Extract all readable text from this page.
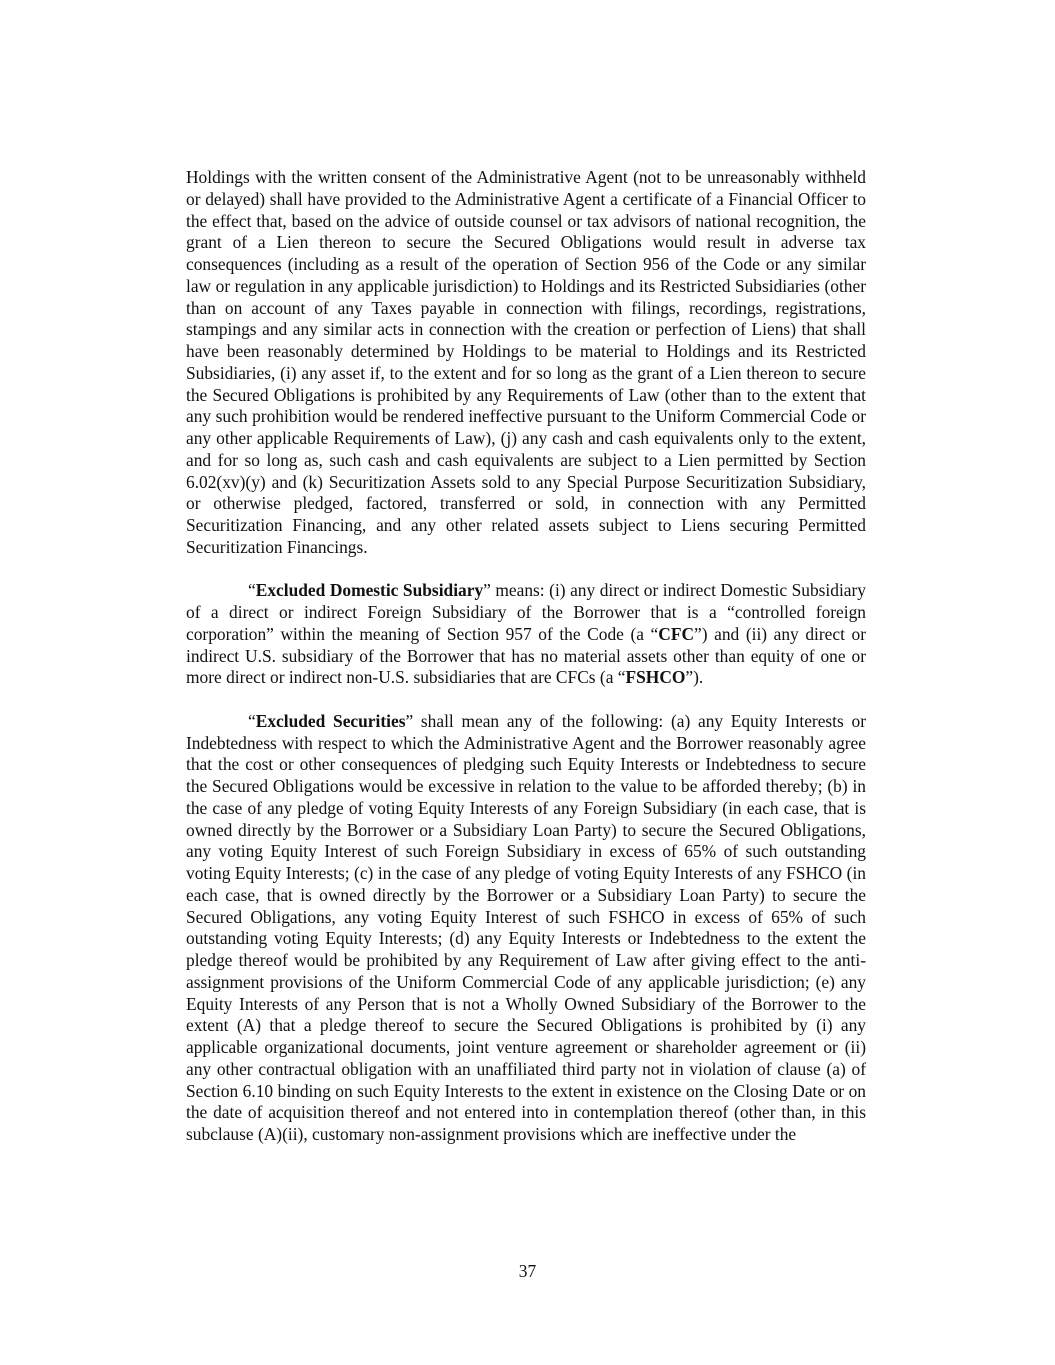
Holdings with the written consent of the Administrative Agent (not to be unreasonably withheld or delayed) shall have provided to the Administrative Agent a certificate of a Financial Officer to the effect that, based on the advice of outside counsel or tax advisors of national recognition, the grant of a Lien thereon to secure the Secured Obligations would result in adverse tax consequences (including as a result of the operation of Section 956 of the Code or any similar law or regulation in any applicable jurisdiction) to Holdings and its Restricted Subsidiaries (other than on account of any Taxes payable in connection with filings, recordings, registrations, stampings and any similar acts in connection with the creation or perfection of Liens) that shall have been reasonably determined by Holdings to be material to Holdings and its Restricted Subsidiaries, (i) any asset if, to the extent and for so long as the grant of a Lien thereon to secure the Secured Obligations is prohibited by any Requirements of Law (other than to the extent that any such prohibition would be rendered ineffective pursuant to the Uniform Commercial Code or any other applicable Requirements of Law), (j) any cash and cash equivalents only to the extent, and for so long as, such cash and cash equivalents are subject to a Lien permitted by Section 6.02(xv)(y) and (k) Securitization Assets sold to any Special Purpose Securitization Subsidiary, or otherwise pledged, factored, transferred or sold, in connection with any Permitted Securitization Financing, and any other related assets subject to Liens securing Permitted Securitization Financings.

“Excluded Domestic Subsidiary” means: (i) any direct or indirect Domestic Subsidiary of a direct or indirect Foreign Subsidiary of the Borrower that is a “controlled foreign corporation” within the meaning of Section 957 of the Code (a “CFC”) and (ii) any direct or indirect U.S. subsidiary of the Borrower that has no material assets other than equity of one or more direct or indirect non-U.S. subsidiaries that are CFCs (a “FSHCO”).

“Excluded Securities” shall mean any of the following: (a) any Equity Interests or Indebtedness with respect to which the Administrative Agent and the Borrower reasonably agree that the cost or other consequences of pledging such Equity Interests or Indebtedness to secure the Secured Obligations would be excessive in relation to the value to be afforded thereby; (b) in the case of any pledge of voting Equity Interests of any Foreign Subsidiary (in each case, that is owned directly by the Borrower or a Subsidiary Loan Party) to secure the Secured Obligations, any voting Equity Interest of such Foreign Subsidiary in excess of 65% of such outstanding voting Equity Interests; (c) in the case of any pledge of voting Equity Interests of any FSHCO (in each case, that is owned directly by the Borrower or a Subsidiary Loan Party) to secure the Secured Obligations, any voting Equity Interest of such FSHCO in excess of 65% of such outstanding voting Equity Interests; (d) any Equity Interests or Indebtedness to the extent the pledge thereof would be prohibited by any Requirement of Law after giving effect to the anti-assignment provisions of the Uniform Commercial Code of any applicable jurisdiction; (e) any Equity Interests of any Person that is not a Wholly Owned Subsidiary of the Borrower to the extent (A) that a pledge thereof to secure the Secured Obligations is prohibited by (i) any applicable organizational documents, joint venture agreement or shareholder agreement or (ii) any other contractual obligation with an unaffiliated third party not in violation of clause (a) of Section 6.10 binding on such Equity Interests to the extent in existence on the Closing Date or on the date of acquisition thereof and not entered into in contemplation thereof (other than, in this subclause (A)(ii), customary non-assignment provisions which are ineffective under the

37
